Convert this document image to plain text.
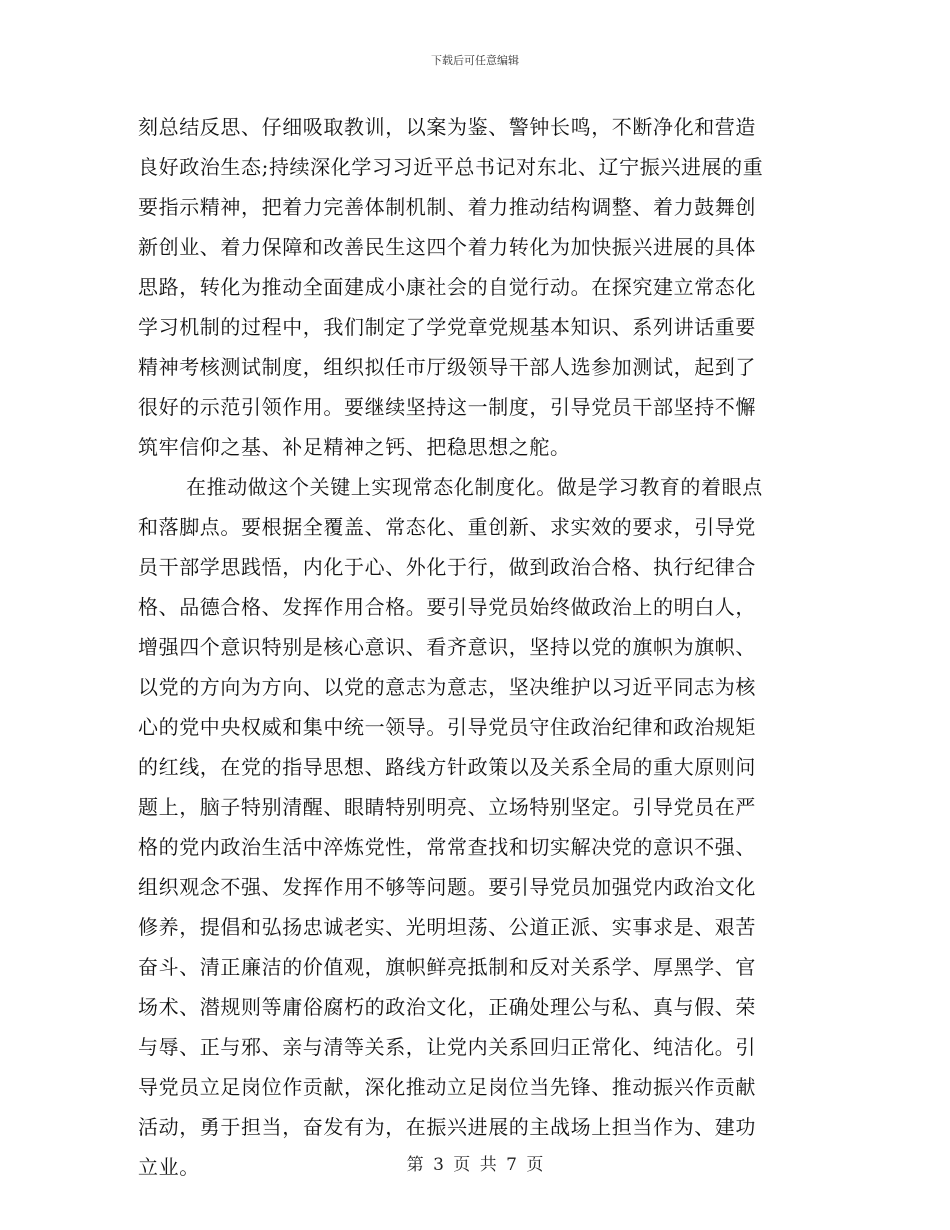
下载后可任意编辑
刻总结反思、仔细吸取教训，以案为鉴、警钟长鸣，不断净化和营造
良好政治生态;持续深化学习习近平总书记对东北、辽宁振兴进展的重
要指示精神，把着力完善体制机制、着力推动结构调整、着力鼓舞创
新创业、着力保障和改善民生这四个着力转化为加快振兴进展的具体
思路，转化为推动全面建成小康社会的自觉行动。在探究建立常态化
学习机制的过程中，我们制定了学党章党规基本知识、系列讲话重要
精神考核测试制度，组织拟任市厅级领导干部人选参加测试，起到了
很好的示范引领作用。要继续坚持这一制度，引导党员干部坚持不懈
筑牢信仰之基、补足精神之钙、把稳思想之舵。
在推动做这个关键上实现常态化制度化。做是学习教育的着眼点
和落脚点。要根据全覆盖、常态化、重创新、求实效的要求，引导党
员干部学思践悟，内化于心、外化于行，做到政治合格、执行纪律合
格、品德合格、发挥作用合格。要引导党员始终做政治上的明白人，
增强四个意识特别是核心意识、看齐意识，坚持以党的旗帜为旗帜、
以党的方向为方向、以党的意志为意志，坚决维护以习近平同志为核
心的党中央权威和集中统一领导。引导党员守住政治纪律和政治规矩
的红线，在党的指导思想、路线方针政策以及关系全局的重大原则问
题上，脑子特别清醒、眼睛特别明亮、立场特别坚定。引导党员在严
格的党内政治生活中淬炼党性，常常查找和切实解决党的意识不强、
组织观念不强、发挥作用不够等问题。要引导党员加强党内政治文化
修养，提倡和弘扬忠诚老实、光明坦荡、公道正派、实事求是、艰苦
奋斗、清正廉洁的价值观，旗帜鲜亮抵制和反对关系学、厚黑学、官
场术、潜规则等庸俗腐朽的政治文化，正确处理公与私、真与假、荣
与辱、正与邪、亲与清等关系，让党内关系回归正常化、纯洁化。引
导党员立足岗位作贡献，深化推动立足岗位当先锋、推动振兴作贡献
活动，勇于担当，奋发有为，在振兴进展的主战场上担当作为、建功
立业。	第 3 页 共 7 页
